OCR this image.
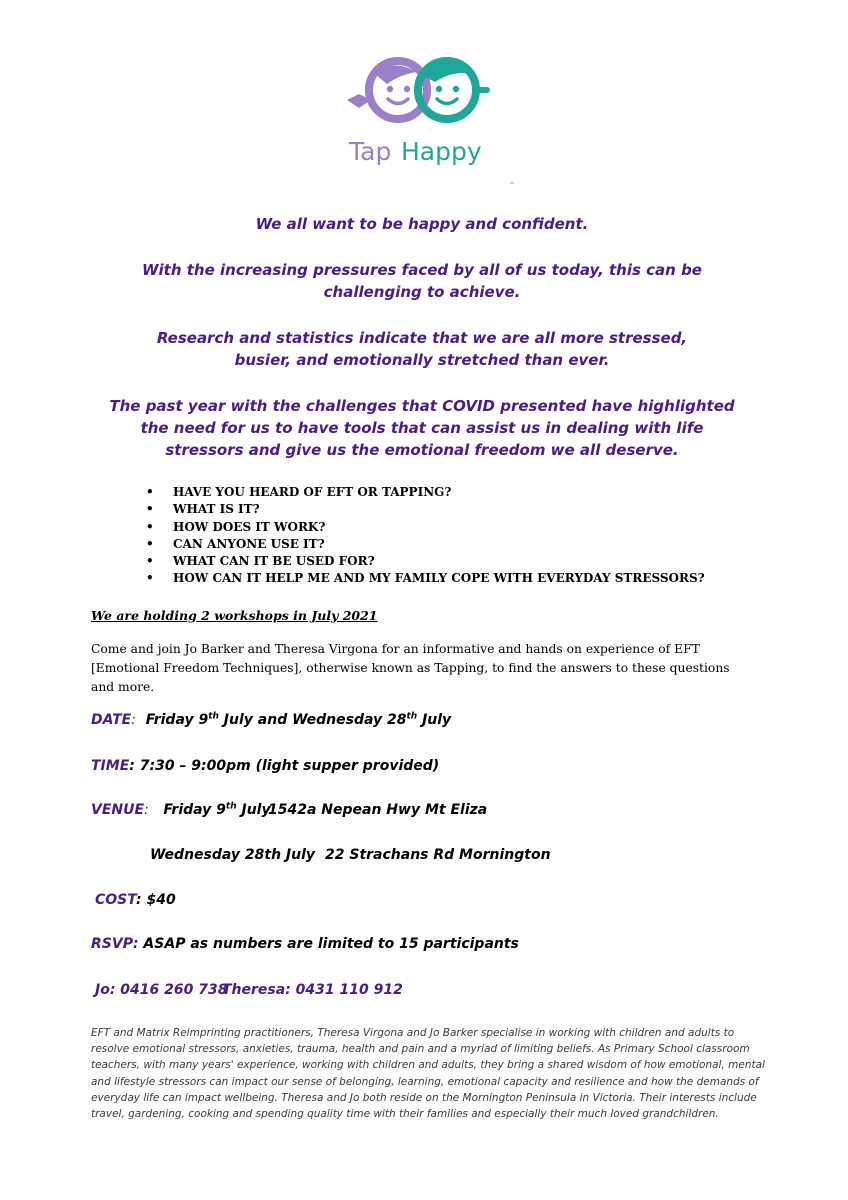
Tap Happy
We all want to be happy and confident.
With the increasing pressures faced by all of us today, this can be challenging to achieve.
Research and statistics indicate that we are all more stressed, busier, and emotionally stretched than ever.
The past year with the challenges that COVID presented have highlighted the need for us to have tools that can assist us in dealing with life stressors and give us the emotional freedom we all deserve.
• HAVE YOU HEARD OF EFT OR TAPPING?
• WHAT IS IT?
• HOW DOES IT WORK?
• CAN ANYONE USE IT?
• WHAT CAN IT BE USED FOR?
• HOW CAN IT HELP ME AND MY FAMILY COPE WITH EVERYDAY STRESSORS?
We are holding 2 workshops in July 2021
Come and join Jo Barker and Theresa Virgona for an informative and hands on experience of EFT [Emotional Freedom Techniques], otherwise known as Tapping, to find the answers to these questions and more.
DATE: Friday 9th July and Wednesday 28th July
TIME: 7:30 – 9:00pm (light supper provided)
VENUE: Friday 9th July
1542a Nepean Hwy Mt Eliza
Wednesday 28th July 22 Strachans Rd Mornington
COST: $40
RSVP: ASAP as numbers are limited to 15 participants
Jo: 0416 260 738
Theresa: 0431 110 912
EFT and Matrix Reimprinting practitioners, Theresa Virgona and Jo Barker specialise in working with children and adults to resolve emotional stressors, anxieties, trauma, health and pain and a myriad of limiting beliefs. As Primary School classroom teachers, with many years' experience, working with children and adults, they bring a shared wisdom of how emotional, mental and lifestyle stressors can impact our sense of belonging, learning, emotional capacity and resilience and how the demands of everyday life can impact wellbeing. Theresa and Jo both reside on the Mornington Peninsula in Victoria. Their interests include travel, gardening, cooking and spending quality time with their families and especially their much loved grandchildren.
